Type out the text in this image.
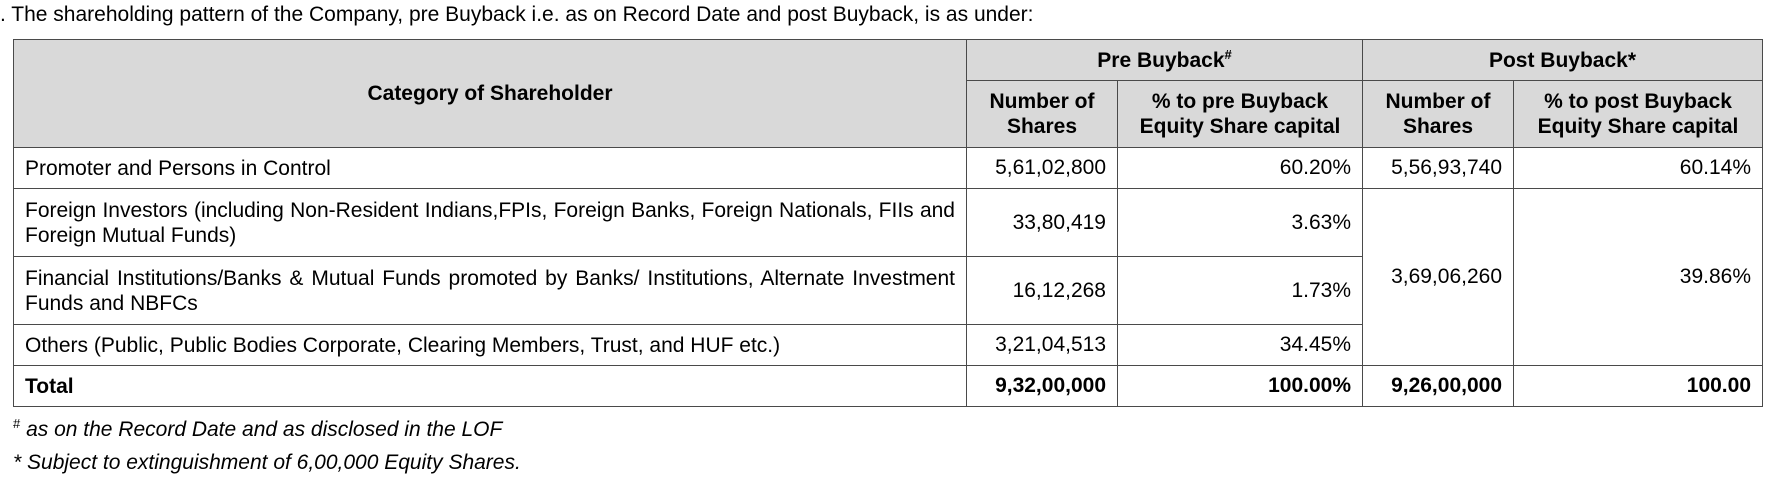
. The shareholding pattern of the Company, pre Buyback i.e. as on Record Date and post Buyback, is as under:
Category of Shareholder	Pre Buyback#		Post Buyback*	
	Number of Shares	% to pre Buyback Equity Share capital	Number of Shares	% to post Buyback Equity Share capital
Promoter and Persons in Control	5,61,02,800	60.20%	5,56,93,740	60.14%
Foreign Investors (including Non-Resident Indians,FPIs, Foreign Banks, Foreign Nationals, FIIs and Foreign Mutual Funds)	33,80,419	3.63%	3,69,06,260	39.86%
Financial Institutions/Banks & Mutual Funds promoted by Banks/ Institutions, Alternate Investment Funds and NBFCs	16,12,268	1.73%		
Others (Public, Public Bodies Corporate, Clearing Members, Trust, and HUF etc.)	3,21,04,513	34.45%		
Total	9,32,00,000	100.00%	9,26,00,000	100.00
# as on the Record Date and as disclosed in the LOF
* Subject to extinguishment of 6,00,000 Equity Shares.
